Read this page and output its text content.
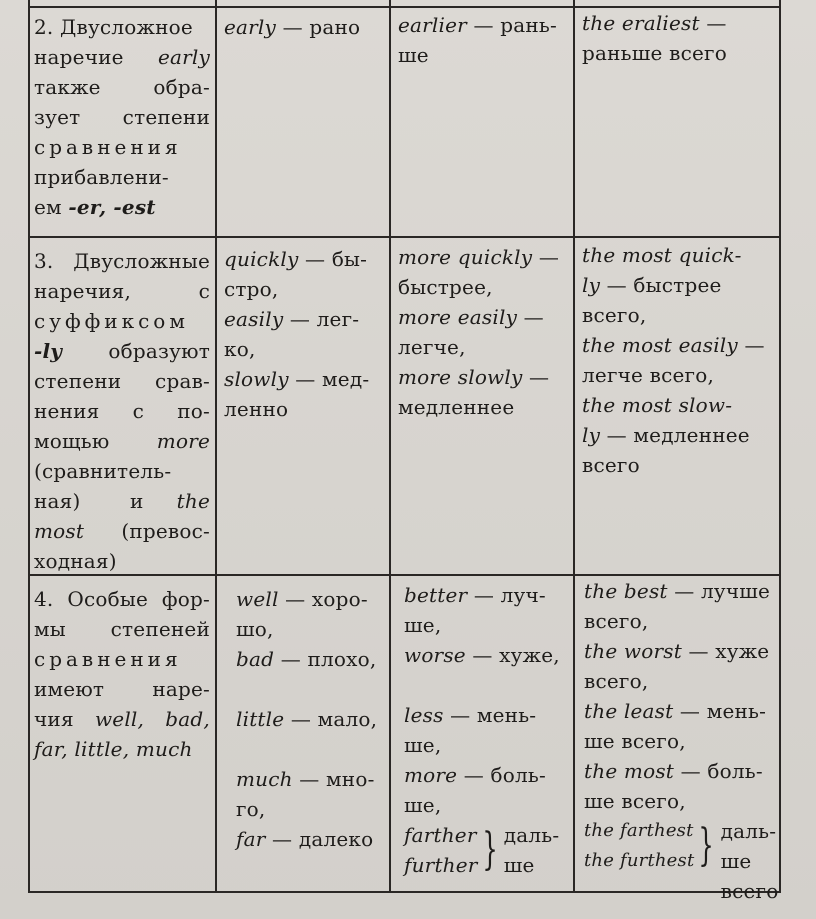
2. Двусложное
наречие early
также обра-
зует степени
сравнения
прибавлени-
ем -er, -est
early — рано	earlier — рань-
ше
the eraliest —
раньше всего
3. Двусложные
наречия,   с
суффиксом
-ly образуют
степени срав-
нения с по-
мощью more
(сравнитель-
ная)   и  the
most (превос-
ходная)
quickly — бы-
стро,
easily — лег-
ко,
slowly — мед-
ленно
more quickly —
быстрее,
more easily —
легче,
more slowly —
медленнее
the most quick-
ly — быстрее
всего,
the most easily —
легче всего,
the most slow-
ly — медленнее
всего
4. Особые фор-
мы степеней
сравнения
имеют наре-
чия well, bad,
far, little, much
well — хоро-
шо,
bad — плохо,
little — мало,
much — мно-
го,
far — далеко
better — луч-
ше,
worse — хуже,
less — мень-
ше,
more — боль-
ше,
farther
further } даль-
ше
the best — лучше
всего,
the worst — хуже
всего,
the least — мень-
ше всего,
the most — боль-
ше всего,
the farthest
the furthest } даль-
ше
всего
